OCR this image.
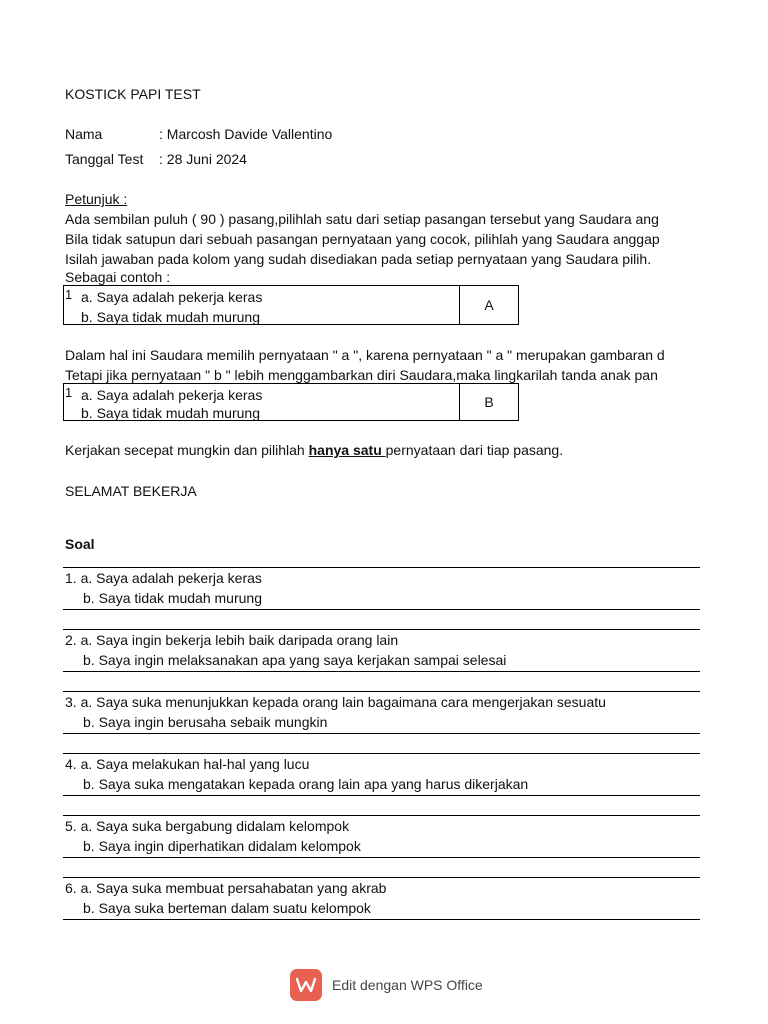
KOSTICK PAPI TEST
Nama	: Marcosh Davide Vallentino
Tanggal Test : 28 Juni 2024
Petunjuk :
Ada sembilan puluh ( 90 ) pasang,pilihlah satu dari setiap pasangan tersebut yang Saudara ang
Bila tidak satupun dari sebuah pasangan pernyataan yang cocok, pilihlah yang Saudara anggap
Isilah jawaban pada kolom yang sudah disediakan pada setiap pernyataan yang Saudara pilih.
Sebagai contoh :
1 a. Saya adalah pekerja keras
b. Saya tidak mudah murung
A
Dalam hal ini Saudara memilih pernyataan " a ", karena pernyataan " a " merupakan gambaran d
Tetapi jika pernyataan " b " lebih menggambarkan diri Saudara,maka lingkarilah tanda anak pan
1 a. Saya adalah pekerja keras
b. Saya tidak mudah murung
B
Kerjakan secepat mungkin dan pilihlah hanya satu pernyataan dari tiap pasang.
SELAMAT BEKERJA
Soal
1. a. Saya adalah pekerja keras
b. Saya tidak mudah murung
2. a. Saya ingin bekerja lebih baik daripada orang lain
b. Saya ingin melaksanakan apa yang saya kerjakan sampai selesai
3. a. Saya suka menunjukkan kepada orang lain bagaimana cara mengerjakan sesuatu
b. Saya ingin berusaha sebaik mungkin
4. a. Saya melakukan hal-hal yang lucu
b. Saya suka mengatakan kepada orang lain apa yang harus dikerjakan
5. a. Saya suka bergabung didalam kelompok
b. Saya ingin diperhatikan didalam kelompok
6. a. Saya suka membuat persahabatan yang akrab
b. Saya suka berteman dalam suatu kelompok
Edit dengan WPS Office
